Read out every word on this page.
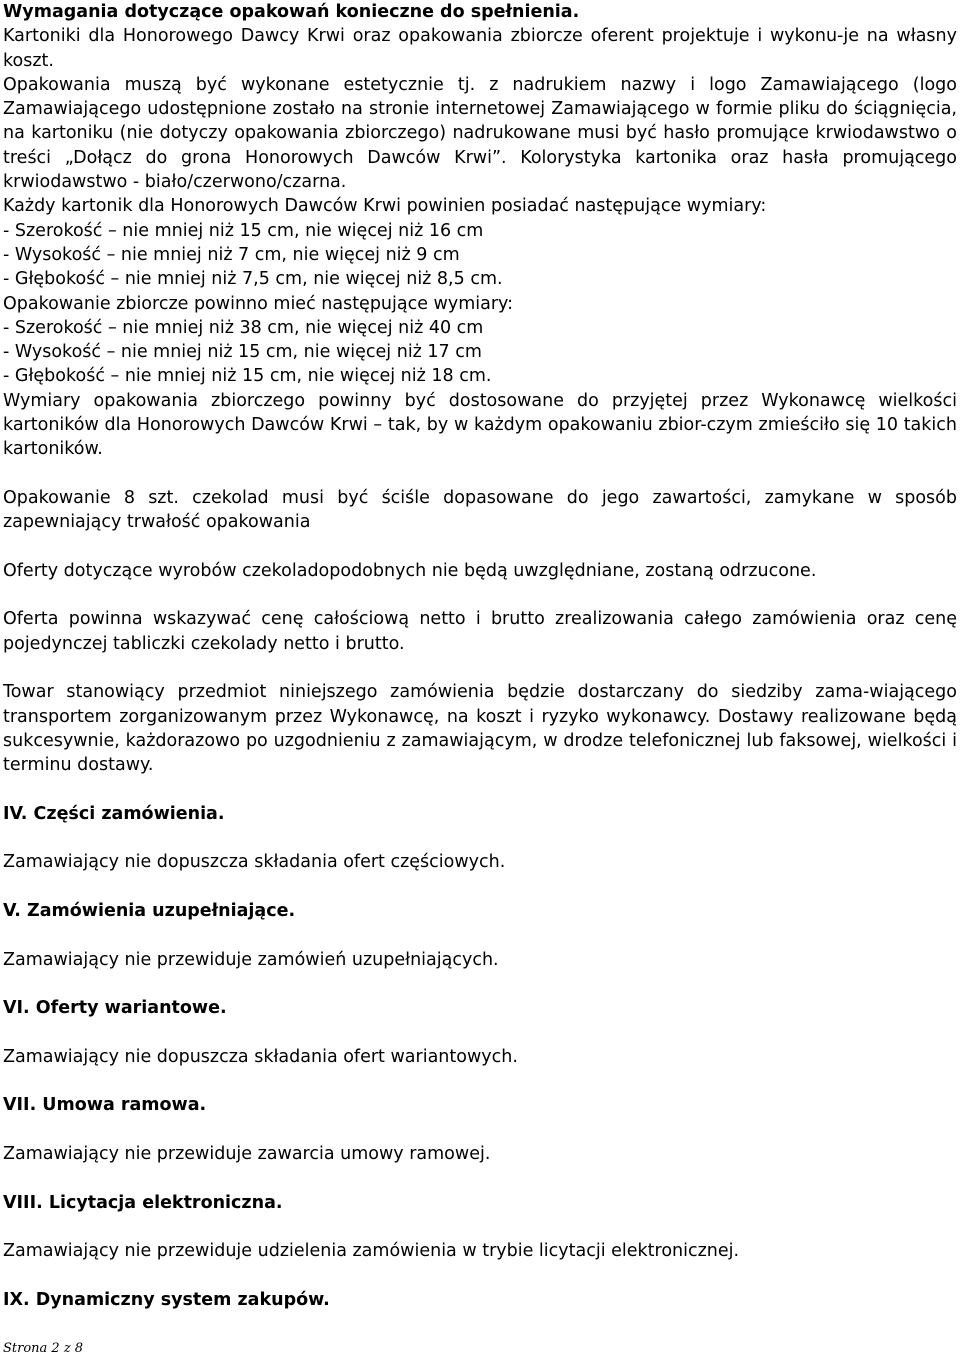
Wymagania dotyczące opakowań konieczne do spełnienia.

Kartoniki dla Honorowego Dawcy Krwi oraz opakowania zbiorcze oferent projektuje i wykonu-je na własny koszt.

Opakowania muszą być wykonane estetycznie tj. z nadrukiem nazwy i logo Zamawiającego (logo Zamawiającego udostępnione zostało na stronie internetowej Zamawiającego w formie pliku do ściągnięcia, na kartoniku (nie dotyczy opakowania zbiorczego) nadrukowane musi być hasło promujące krwiodawstwo o treści „Dołącz do grona Honorowych Dawców Krwi”. Kolorystyka kartonika oraz hasła promującego krwiodawstwo - biało/czerwono/czarna.

Każdy kartonik dla Honorowych Dawców Krwi powinien posiadać następujące wymiary:

- Szerokość – nie mniej niż 15 cm, nie więcej niż 16 cm

- Wysokość – nie mniej niż 7 cm, nie więcej niż 9 cm

- Głębokość – nie mniej niż 7,5 cm, nie więcej niż 8,5 cm.

Opakowanie zbiorcze powinno mieć następujące wymiary:

- Szerokość – nie mniej niż 38 cm, nie więcej niż 40 cm

- Wysokość – nie mniej niż 15 cm, nie więcej niż 17 cm

- Głębokość – nie mniej niż 15 cm, nie więcej niż 18 cm.

Wymiary opakowania zbiorczego powinny być dostosowane do przyjętej przez Wykonawcę wielkości kartoników dla Honorowych Dawców Krwi – tak, by w każdym opakowaniu zbior-czym zmieściło się 10 takich kartoników.

Opakowanie 8 szt. czekolad musi być ściśle dopasowane do jego zawartości, zamykane w sposób zapewniający trwałość opakowania

Oferty dotyczące wyrobów czekoladopodobnych nie będą uwzględniane, zostaną odrzucone.

Oferta powinna wskazywać cenę całościową netto i brutto zrealizowania całego zamówienia oraz cenę pojedynczej tabliczki czekolady netto i brutto.

Towar stanowiący przedmiot niniejszego zamówienia będzie dostarczany do siedziby zama-wiającego transportem zorganizowanym przez Wykonawcę, na koszt i ryzyko wykonawcy. Dostawy realizowane będą sukcesywnie, każdorazowo po uzgodnieniu z zamawiającym, w drodze telefonicznej lub faksowej, wielkości i terminu dostawy.

IV. Części zamówienia.

Zamawiający nie dopuszcza składania ofert częściowych.

V. Zamówienia uzupełniające.

Zamawiający nie przewiduje zamówień uzupełniających.

VI. Oferty wariantowe.

Zamawiający nie dopuszcza składania ofert wariantowych.

VII. Umowa ramowa.

Zamawiający nie przewiduje zawarcia umowy ramowej.

VIII. Licytacja elektroniczna.

Zamawiający nie przewiduje udzielenia zamówienia w trybie licytacji elektronicznej.

IX. Dynamiczny system zakupów.

Strona 2 z 8
